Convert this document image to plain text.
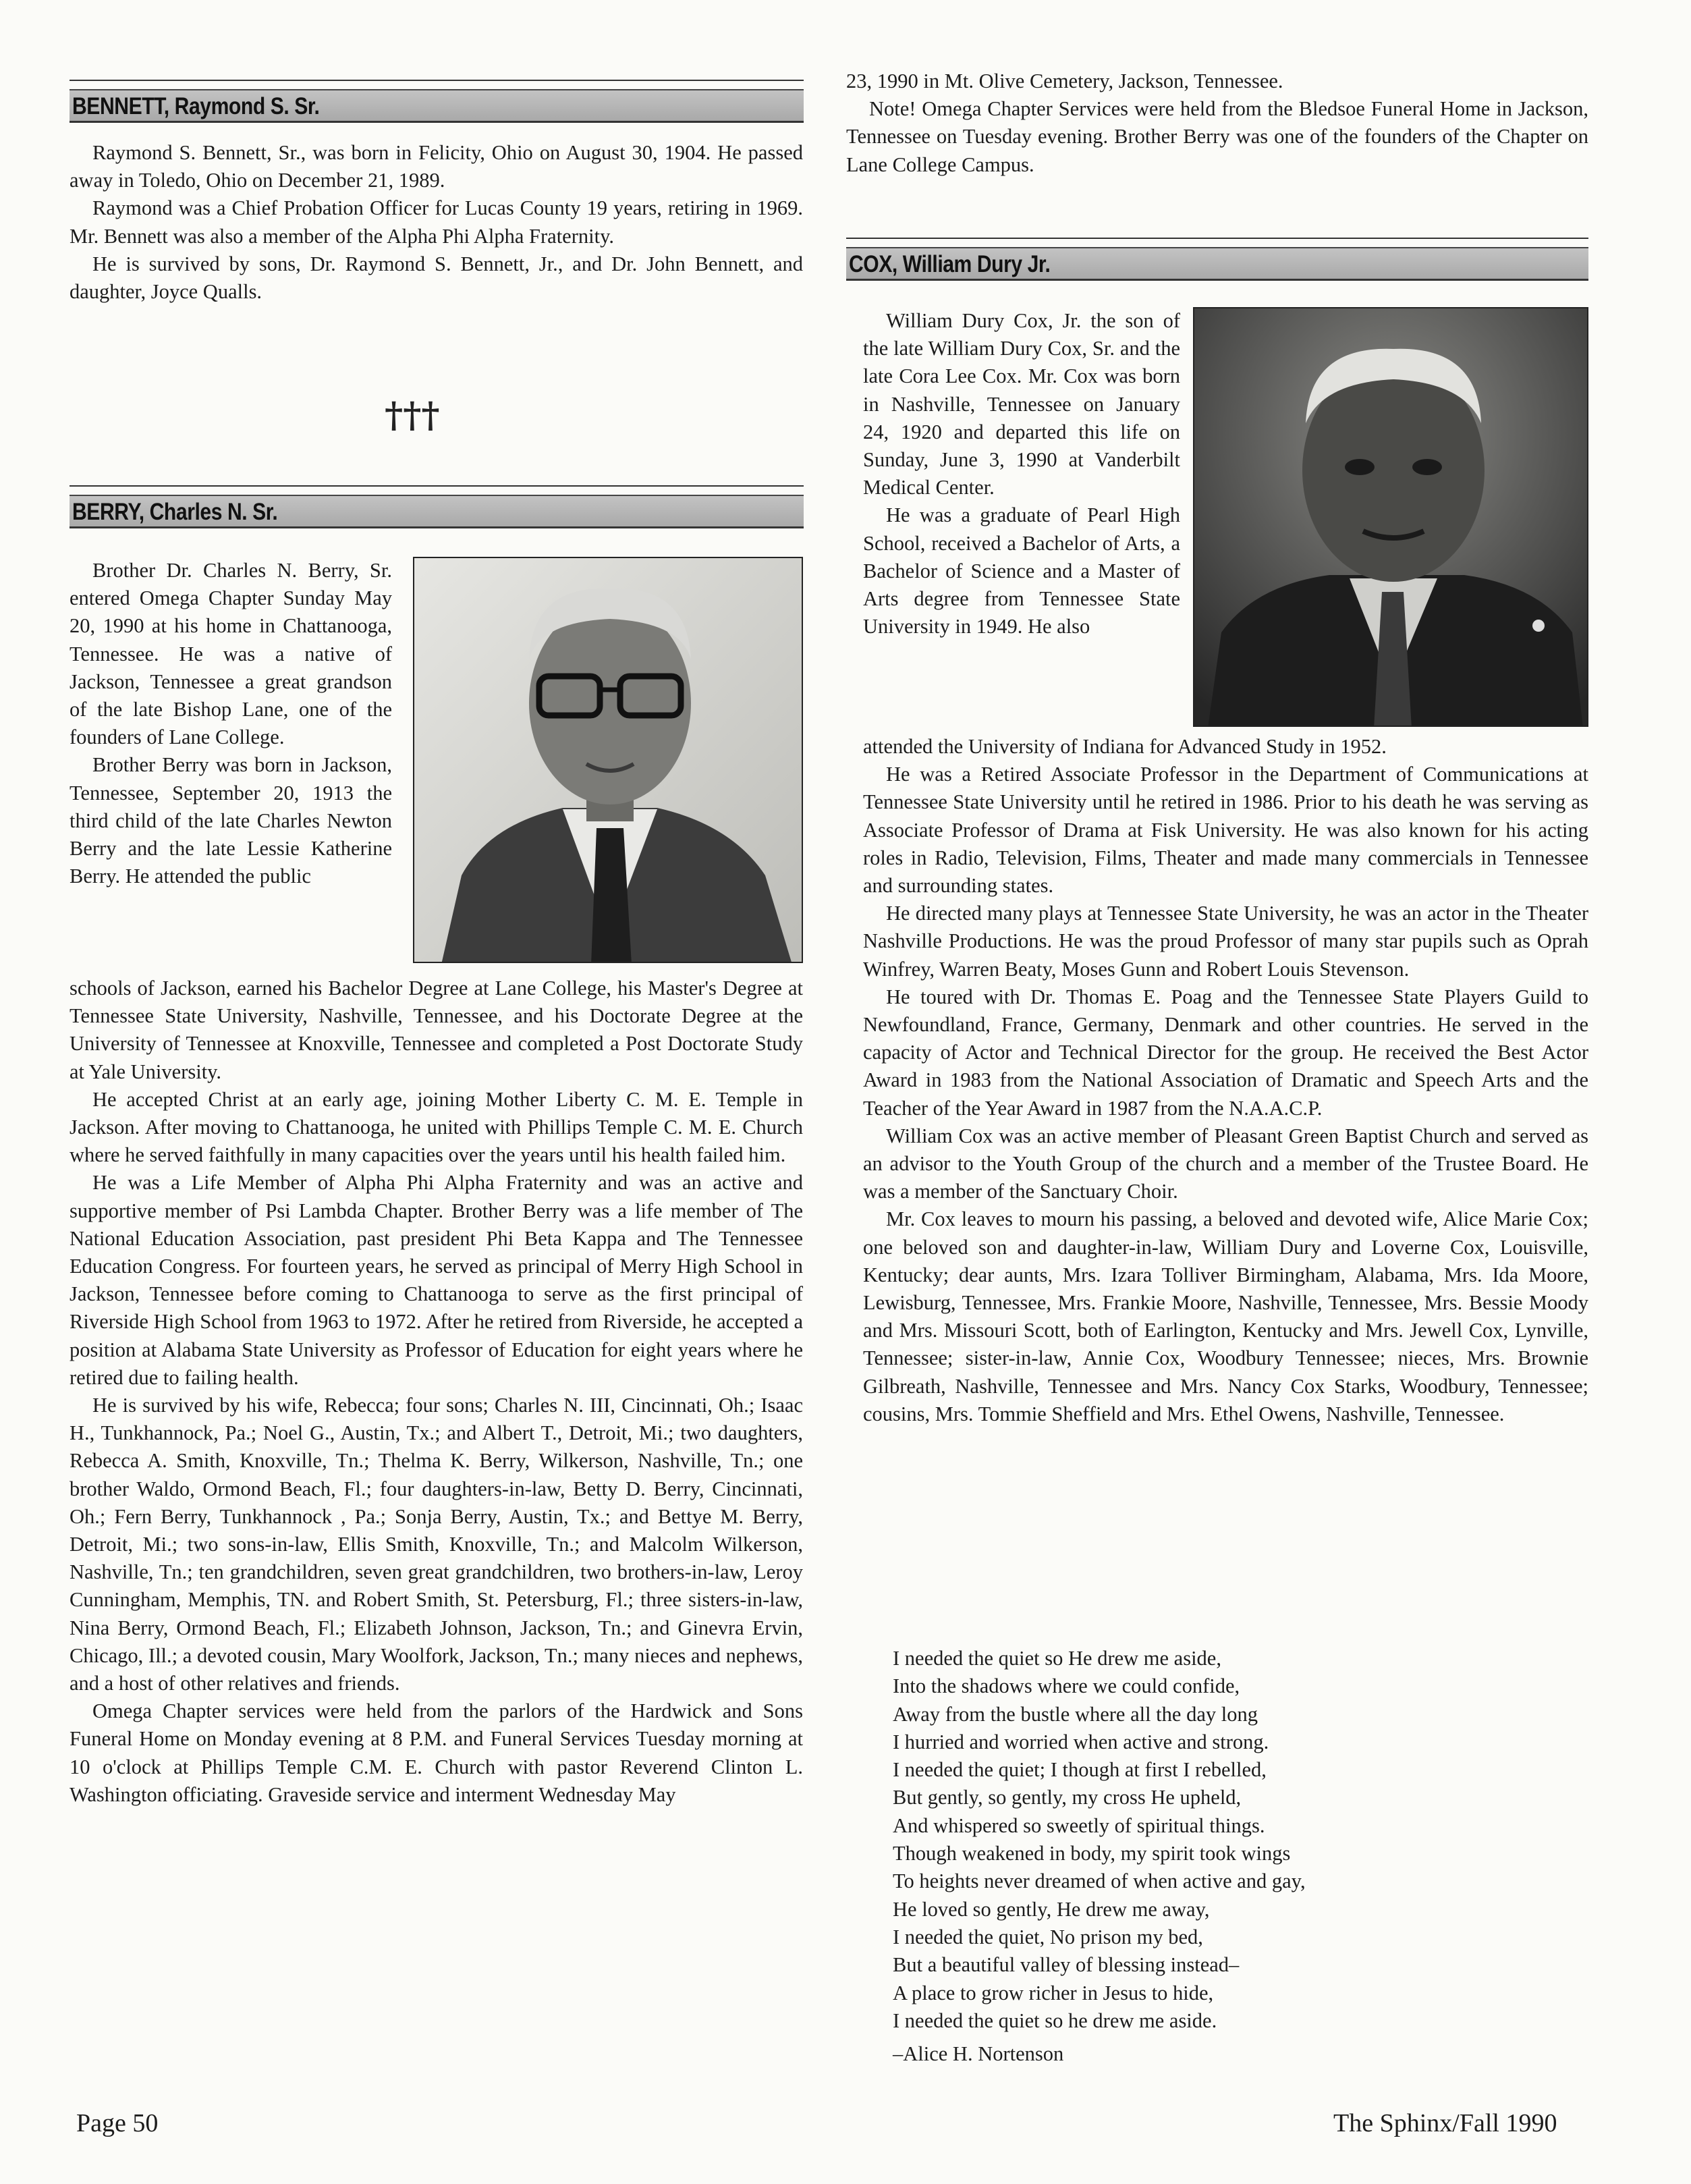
BENNETT, Raymond S. Sr.

Raymond S. Bennett, Sr., was born in Felicity, Ohio on August 30, 1904. He passed away in Toledo, Ohio on December 21, 1989.

Raymond was a Chief Probation Officer for Lucas County 19 years, retiring in 1969. Mr. Bennett was also a member of the Alpha Phi Alpha Fraternity.

He is survived by sons, Dr. Raymond S. Bennett, Jr., and Dr. John Bennett, and daughter, Joyce Qualls.

†††
BERRY, Charles N. Sr.

Brother Dr. Charles N. Berry, Sr. entered Omega Chapter Sunday May 20, 1990 at his home in Chattanooga, Tennessee. He was a native of Jackson, Tennessee a great grandson of the late Bishop Lane, one of the founders of Lane College.

Brother Berry was born in Jackson, Tennessee, September 20, 1913 the third child of the late Charles Newton Berry and the late Lessie Katherine Berry. He attended the public

schools of Jackson, earned his Bachelor Degree at Lane College, his Master's Degree at Tennessee State University, Nashville, Tennessee, and his Doctorate Degree at the University of Tennessee at Knoxville, Tennessee and completed a Post Doctorate Study at Yale University.

He accepted Christ at an early age, joining Mother Liberty C. M. E. Temple in Jackson. After moving to Chattanooga, he united with Phillips Temple C. M. E. Church where he served faithfully in many capacities over the years until his health failed him.

He was a Life Member of Alpha Phi Alpha Fraternity and was an active and supportive member of Psi Lambda Chapter. Brother Berry was a life member of The National Education Association, past president Phi Beta Kappa and The Tennessee Education Congress. For fourteen years, he served as principal of Merry High School in Jackson, Tennessee before coming to Chattanooga to serve as the first principal of Riverside High School from 1963 to 1972. After he retired from Riverside, he accepted a position at Alabama State University as Professor of Education for eight years where he retired due to failing health.

He is survived by his wife, Rebecca; four sons; Charles N. III, Cincinnati, Oh.; Isaac H., Tunkhannock, Pa.; Noel G., Austin, Tx.; and Albert T., Detroit, Mi.; two daughters, Rebecca A. Smith, Knoxville, Tn.; Thelma K. Berry, Wilkerson, Nashville, Tn.; one brother Waldo, Ormond Beach, Fl.; four daughters-in-law, Betty D. Berry, Cincinnati, Oh.; Fern Berry, Tunkhannock , Pa.; Sonja Berry, Austin, Tx.; and Bettye M. Berry, Detroit, Mi.; two sons-in-law, Ellis Smith, Knoxville, Tn.; and Malcolm Wilkerson, Nashville, Tn.; ten grandchildren, seven great grandchildren, two brothers-in-law, Leroy Cunningham, Memphis, TN. and Robert Smith, St. Petersburg, Fl.; three sisters-in-law, Nina Berry, Ormond Beach, Fl.; Elizabeth Johnson, Jackson, Tn.; and Ginevra Ervin, Chicago, Ill.; a devoted cousin, Mary Woolfork, Jackson, Tn.; many nieces and nephews, and a host of other relatives and friends.

Omega Chapter services were held from the parlors of the Hardwick and Sons Funeral Home on Monday evening at 8 P.M. and Funeral Services Tuesday morning at 10 o'clock at Phillips Temple C.M. E. Church with pastor Reverend Clinton L. Washington officiating. Graveside service and interment Wednesday May

Page 50

23, 1990 in Mt. Olive Cemetery, Jackson, Tennessee.

Note! Omega Chapter Services were held from the Bledsoe Funeral Home in Jackson, Tennessee on Tuesday evening. Brother Berry was one of the founders of the Chapter on Lane College Campus.

COX, William Dury Jr.

William Dury Cox, Jr. the son of the late William Dury Cox, Sr. and the late Cora Lee Cox. Mr. Cox was born in Nashville, Tennessee on January 24, 1920 and departed this life on Sunday, June 3, 1990 at Vanderbilt Medical Center.

He was a graduate of Pearl High School, received a Bachelor of Arts, a Bachelor of Science and a Master of Arts degree from Tennessee State University in 1949. He also

attended the University of Indiana for Advanced Study in 1952.

He was a Retired Associate Professor in the Department of Communications at Tennessee State University until he retired in 1986. Prior to his death he was serving as Associate Professor of Drama at Fisk University. He was also known for his acting roles in Radio, Television, Films, Theater and made many commercials in Tennessee and surrounding states.

He directed many plays at Tennessee State University, he was an actor in the Theater Nashville Productions. He was the proud Professor of many star pupils such as Oprah Winfrey, Warren Beaty, Moses Gunn and Robert Louis Stevenson.

He toured with Dr. Thomas E. Poag and the Tennessee State Players Guild to Newfoundland, France, Germany, Denmark and other countries. He served in the capacity of Actor and Technical Director for the group. He received the Best Actor Award in 1983 from the National Association of Dramatic and Speech Arts and the Teacher of the Year Award in 1987 from the N.A.A.C.P.

William Cox was an active member of Pleasant Green Baptist Church and served as an advisor to the Youth Group of the church and a member of the Trustee Board. He was a member of the Sanctuary Choir.

Mr. Cox leaves to mourn his passing, a beloved and devoted wife, Alice Marie Cox; one beloved son and daughter-in-law, William Dury and Loverne Cox, Louisville, Kentucky; dear aunts, Mrs. Izara Tolliver Birmingham, Alabama, Mrs. Ida Moore, Lewisburg, Tennessee, Mrs. Frankie Moore, Nashville, Tennessee, Mrs. Bessie Moody and Mrs. Missouri Scott, both of Earlington, Kentucky and Mrs. Jewell Cox, Lynville, Tennessee; sister-in-law, Annie Cox, Woodbury Tennessee; nieces, Mrs. Brownie Gilbreath, Nashville, Tennessee and Mrs. Nancy Cox Starks, Woodbury, Tennessee; cousins, Mrs. Tommie Sheffield and Mrs. Ethel Owens, Nashville, Tennessee.

I needed the quiet so He drew me aside,
Into the shadows where we could confide,
Away from the bustle where all the day long
I hurried and worried when active and strong.
I needed the quiet; I though at first I rebelled,
But gently, so gently, my cross He upheld,
And whispered so sweetly of spiritual things.
Though weakened in body, my spirit took wings
To heights never dreamed of when active and gay,
He loved so gently, He drew me away,
I needed the quiet, No prison my bed,
But a beautiful valley of blessing instead–
A place to grow richer in Jesus to hide,
I needed the quiet so he drew me aside.
–Alice H. Nortenson
The Sphinx/Fall 1990
